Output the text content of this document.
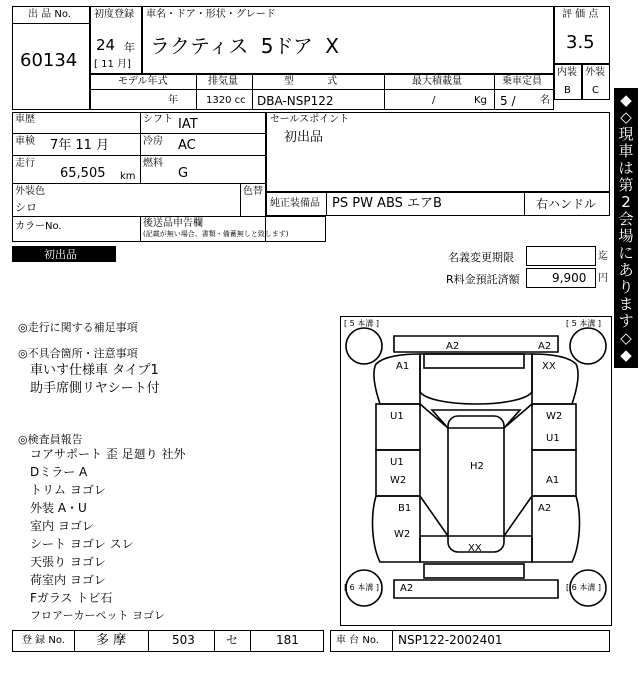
出 品 No.
60134
初度登録
24 年
[ 11 月]
車名・ドア・形状・グレード
ラクティス 5ドア X
評 価 点
3.5
内装 外装
B C
モデル年式
年
排気量
1320 cc
型 式
DBA-NSP122
最大積載量
/	Kg
乗車定員
5 / 名
車歴	シフト IAT
車検 7年 11 月	冷房 AC
走行
65,505 km
燃料
G
外装色
シロ
色替
カラーNo.	後送品申告欄
(記載が無い場合、書類・備蓄無しと致します)
セールスポイント
初出品
純正装備品 PS PW ABS エアB	右ハンドル
初出品	名義変更期限	迄
R料金預託済額	9,900 円
◆
◇
現
車
は
第
2
会
場
に
あ
り
ま
す
◇
◆
◎走行に関する補足事項
◎不具合箇所・注意事項
車いす仕様車 タイプ1
助手席側リヤシート付
◎検査員報告
コアサポート 歪 足廻り 社外
Dミラー A
トリム ヨゴレ
外装 A・U
室内 ヨゴレ
シート ヨゴレ スレ
天張り ヨゴレ
荷室内 ヨゴレ
Fガラス トビ石
フロアーカーペット ヨゴレ
[ 5 本溝 ]	[ 5 本溝 ]
[ 6 本溝 ]	[ 6 本溝 ]
A2	A2
A1	XX
U1	W2
U1
U1
W2
H2
A1
B1
W2
A2
XX
A2
登 録 No. 多 摩	503	セ	181	車 台 No. NSP122-2002401
